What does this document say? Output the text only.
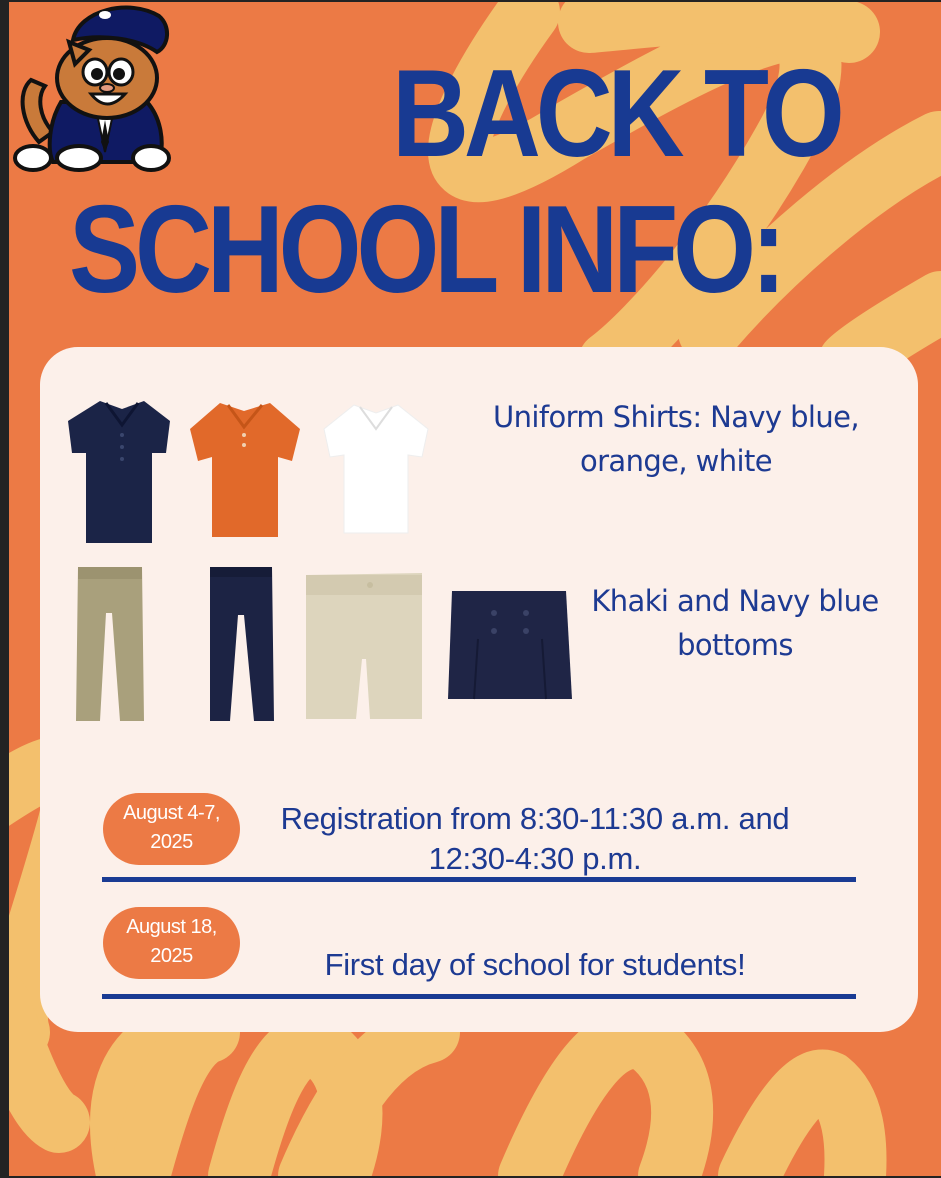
BACK TO
SCHOOL INFO:
Uniform Shirts: Navy blue, orange, white
Khaki and Navy blue bottoms
August 4-7,
2025
Registration from 8:30-11:30 a.m. and
12:30-4:30 p.m.
August 18,
2025	First day of school for students!
